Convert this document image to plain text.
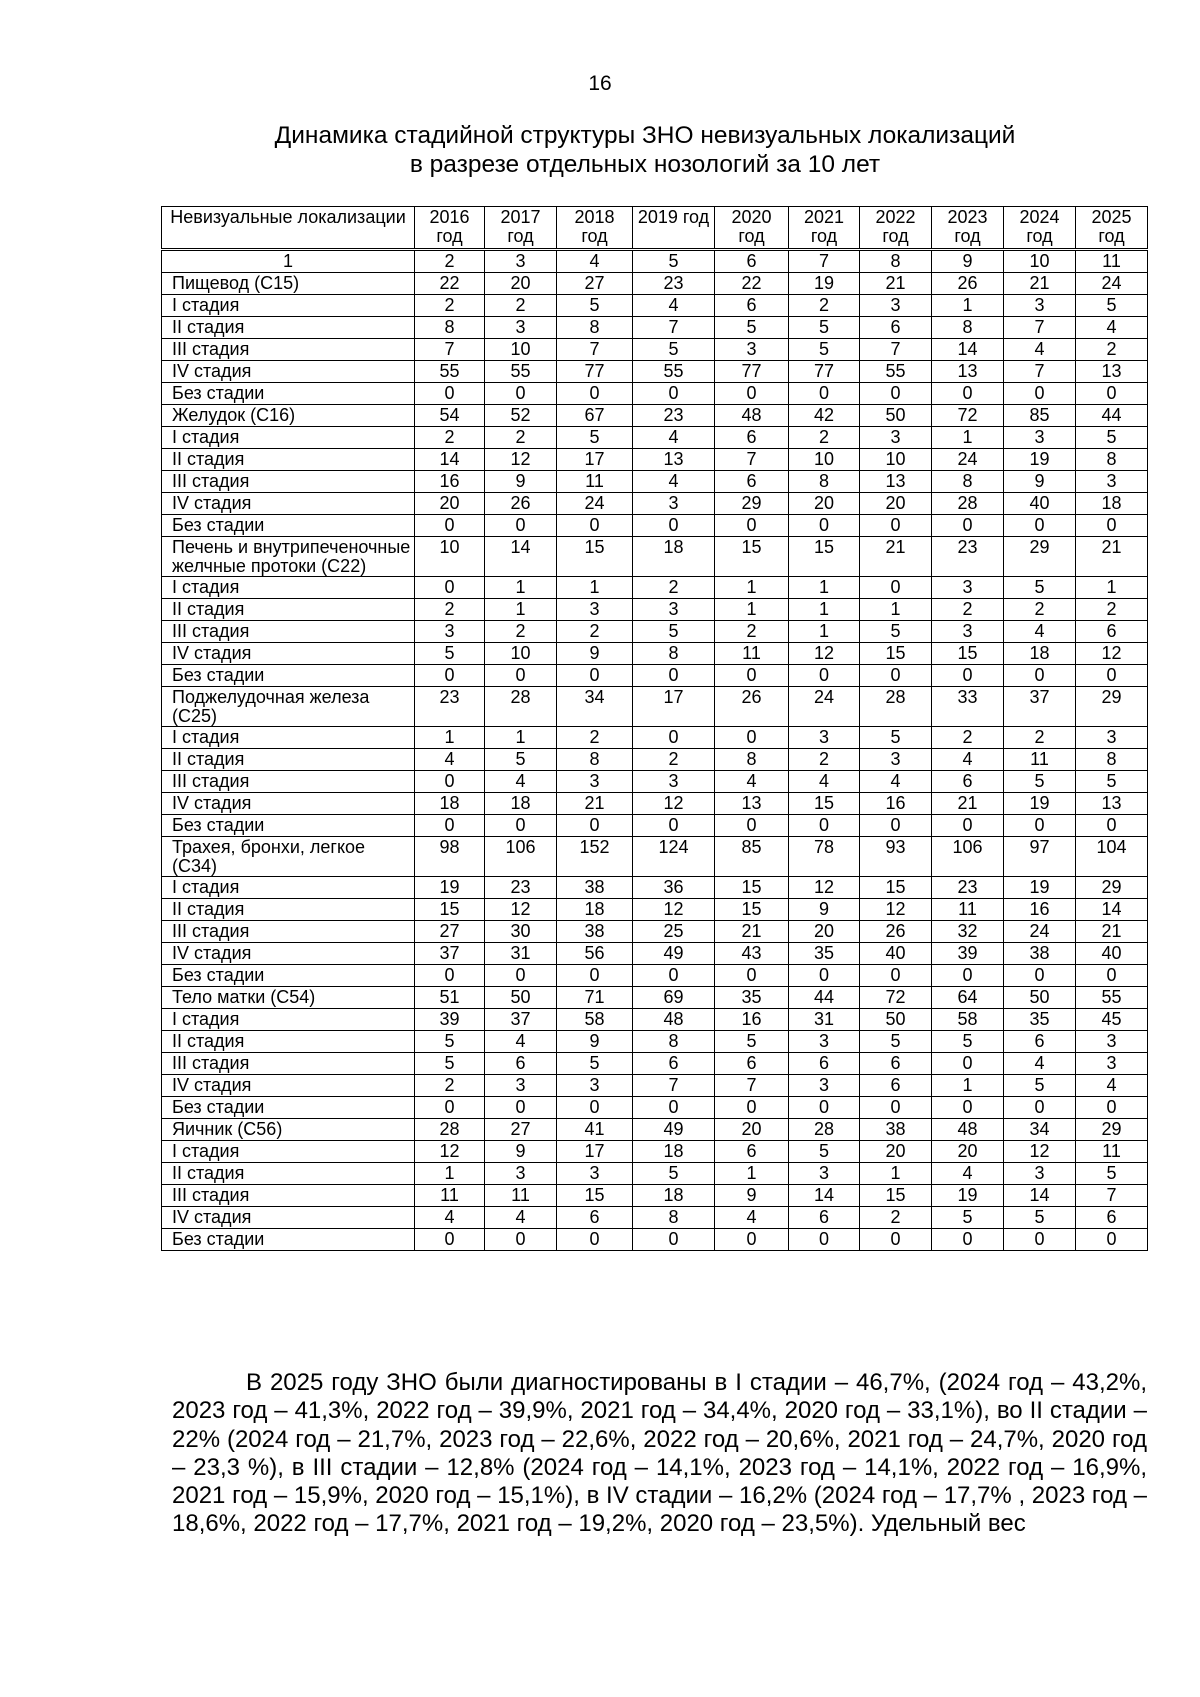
16
Динамика стадийной структуры ЗНО невизуальных локализаций
в разрезе отдельных нозологий за 10 лет
Невизуальные локализации	2016 год	2017 год	2018 год	2019 год	2020 год	2021 год	2022 год	2023 год	2024 год	2025 год
1	2	3	4	5	6	7	8	9	10	11
Пищевод (С15)	22	20	27	23	22	19	21	26	21	24
I стадия	2	2	5	4	6	2	3	1	3	5
II стадия	8	3	8	7	5	5	6	8	7	4
III стадия	7	10	7	5	3	5	7	14	4	2
IV стадия	55	55	77	55	77	77	55	13	7	13
Без стадии	0	0	0	0	0	0	0	0	0	0
Желудок (С16)	54	52	67	23	48	42	50	72	85	44
I стадия	2	2	5	4	6	2	3	1	3	5
II стадия	14	12	17	13	7	10	10	24	19	8
III стадия	16	9	11	4	6	8	13	8	9	3
IV стадия	20	26	24	3	29	20	20	28	40	18
Без стадии	0	0	0	0	0	0	0	0	0	0
Печень и внутрипеченочные желчные протоки (С22)	10	14	15	18	15	15	21	23	29	21
I стадия	0	1	1	2	1	1	0	3	5	1
II стадия	2	1	3	3	1	1	1	2	2	2
III стадия	3	2	2	5	2	1	5	3	4	6
IV стадия	5	10	9	8	11	12	15	15	18	12
Без стадии	0	0	0	0	0	0	0	0	0	0
Поджелудочная железа (С25)	23	28	34	17	26	24	28	33	37	29
I стадия	1	1	2	0	0	3	5	2	2	3
II стадия	4	5	8	2	8	2	3	4	11	8
III стадия	0	4	3	3	4	4	4	6	5	5
IV стадия	18	18	21	12	13	15	16	21	19	13
Без стадии	0	0	0	0	0	0	0	0	0	0
Трахея, бронхи, легкое (С34)	98	106	152	124	85	78	93	106	97	104
I стадия	19	23	38	36	15	12	15	23	19	29
II стадия	15	12	18	12	15	9	12	11	16	14
III стадия	27	30	38	25	21	20	26	32	24	21
IV стадия	37	31	56	49	43	35	40	39	38	40
Без стадии	0	0	0	0	0	0	0	0	0	0
Тело матки (С54)	51	50	71	69	35	44	72	64	50	55
I стадия	39	37	58	48	16	31	50	58	35	45
II стадия	5	4	9	8	5	3	5	5	6	3
III стадия	5	6	5	6	6	6	6	0	4	3
IV стадия	2	3	3	7	7	3	6	1	5	4
Без стадии	0	0	0	0	0	0	0	0	0	0
Яичник (С56)	28	27	41	49	20	28	38	48	34	29
I стадия	12	9	17	18	6	5	20	20	12	11
II стадия	1	3	3	5	1	3	1	4	3	5
III стадия	11	11	15	18	9	14	15	19	14	7
IV стадия	4	4	6	8	4	6	2	5	5	6
Без стадии	0	0	0	0	0	0	0	0	0	0
В 2025 году ЗНО были диагностированы в I стадии – 46,7%, (2024 год – 43,2%, 2023 год – 41,3%, 2022 год – 39,9%, 2021 год – 34,4%, 2020 год – 33,1%), во II стадии – 22% (2024 год – 21,7%, 2023 год – 22,6%, 2022 год – 20,6%, 2021 год – 24,7%, 2020 год – 23,3 %), в III стадии – 12,8% (2024 год – 14,1%, 2023 год – 14,1%, 2022 год – 16,9%, 2021 год – 15,9%, 2020 год – 15,1%), в IV стадии – 16,2% (2024 год – 17,7% , 2023 год – 18,6%, 2022 год – 17,7%, 2021 год – 19,2%, 2020 год – 23,5%). Удельный вес
